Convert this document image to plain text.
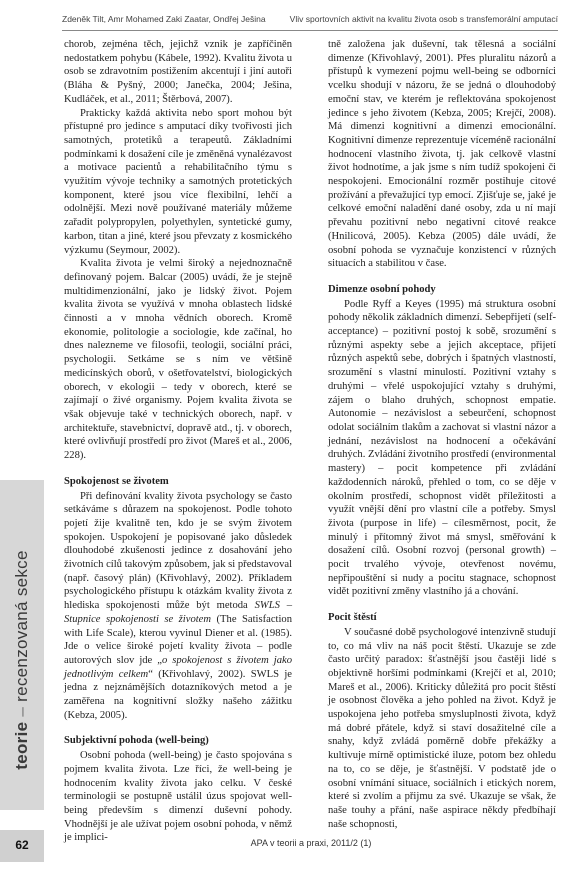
Zdeněk Tilt, Amr Mohamed Zaki Zaatar, Ondřej Ješina	Vliv sportovních aktivit na kvalitu života osob s transfemorální amputací
teorie – recenzovaná sekce
62

chorob, zejména těch, jejichž vznik je zapříčiněn nedostatkem pohybu (Kábele, 1992). Kvalitu života u osob se zdravotním postižením akcentují i jiní autoři (Bláha & Pyšný, 2000; Janečka, 2004; Ješina, Kudláček, et al., 2011; Štěrbová, 2007).

Prakticky každá aktivita nebo sport mohou být přístupné pro jedince s amputací díky tvořivosti jich samotných, protetiků a terapeutů. Základními podmínkami k dosažení cíle je změněná vynalézavost a motivace pacientů a rehabilitačního týmu s využitím vývoje techniky a samotných protetických komponent, které jsou více flexibilní, lehčí a odolnější. Mezi nově používané materiály můžeme zařadit polypropylen, polyethylen, syntetické gumy, karbon, titan a jiné, které jsou převzaty z kosmického výzkumu (Seymour, 2002).

Kvalita života je velmi široký a nejednoznačně definovaný pojem. Balcar (2005) uvádí, že je stejně multidimenzionální, jako je lidský život. Pojem kvalita života se využívá v mnoha oblastech lidské činnosti a v mnoha vědních oborech. Kromě ekonomie, politologie a sociologie, kde začínal, ho dnes nalezneme ve filosofii, teologii, sociální práci, psychologii. Setkáme se s ním ve většině medicínských oborů, v ošetřovatelství, biologických oborech, v ekologii – tedy v oborech, které se zajímají o živé organismy. Pojem kvalita života se však objevuje také v technických oborech, např. v architektuře, stavebnictví, dopravě atd., tj. v oborech, které ovlivňují prostředí pro život (Mareš et al., 2006, 228).

Spokojenost se životem

Při definování kvality života psychology se často setkáváme s důrazem na spokojenost. Podle tohoto pojetí žije kvalitně ten, kdo je se svým životem spokojen. Uspokojení je popisované jako důsledek dlouhodobé zkušenosti jedince z dosahování jeho životních cílů takovým způsobem, jak si představoval (např. časový plán) (Křivohlavý, 2002). Příkladem psychologického přístupu k otázkám kvality života z hlediska spokojenosti může být metoda SWLS – Stupnice spokojenosti se životem (The Satisfaction with Life Scale), kterou vyvinul Diener et al. (1985). Jde o velice široké pojetí kvality života – podle autorových slov jde „o spokojenost s životem jako jednotlivým celkem“ (Křivohlavý, 2002). SWLS je jedna z nejznámějších dotazníkových metod a je zaměřena na kognitivní složky našeho zážitku (Kebza, 2005).

Subjektivní pohoda (well-being)

Osobní pohoda (well-being) je často spojována s pojmem kvalita života. Lze říci, že well-being je hodnocením kvality života jako celku. V české terminologii se postupně ustálil úzus spojovat well-being především s dimenzí duševní pohody. Vhodnější je ale užívat pojem osobní pohoda, v němž je implici-

tně založena jak duševní, tak tělesná a sociální dimenze (Křivohlavý, 2001). Přes pluralitu názorů a přístupů k vymezení pojmu well-being se odborníci vcelku shodují v názoru, že se jedná o dlouhodobý emoční stav, ve kterém je reflektována spokojenost jedince s jeho životem (Kebza, 2005; Krejčí, 2008). Má dimenzi kognitivní a dimenzi emocionální. Kognitivní dimenze reprezentuje víceméně racionální hodnocení vlastního života, tj. jak celkově vlastní život hodnotíme, a jak jsme s ním tudíž spokojeni či nespokojeni. Emocionální rozměr postihuje citové prožívání a převažující typ emocí. Zjišťuje se, jaké je celkové emoční naladění dané osoby, zda u ní mají převahu pozitivní nebo negativní citové reakce (Hnilicová, 2005). Kebza (2005) dále uvádí, že osobní pohoda se vyznačuje konzistencí v různých situacích a stabilitou v čase.

Dimenze osobní pohody

Podle Ryff a Keyes (1995) má struktura osobní pohody několik základních dimenzí. Sebepřijetí (self-acceptance) – pozitivní postoj k sobě, srozumění s různými aspekty sebe a jejich akceptace, přijetí různých aspektů sebe, dobrých i špatných vlastností, srozumění s vlastní minulostí. Pozitivní vztahy s druhými – vřelé uspokojující vztahy s druhými, zájem o blaho druhých, schopnost empatie. Autonomie – nezávislost a sebeurčení, schopnost odolat sociálním tlakům a zachovat si vlastní názor a jednání, nezávislost na hodnocení a očekávání druhých. Zvládání životního prostředí (environmental mastery) – pocit kompetence při zvládání každodenních nároků, přehled o tom, co se děje v okolním prostředí, schopnost vidět příležitosti a využít vnější dění pro vlastní cíle a potřeby. Smysl života (purpose in life) – cílesměrnost, pocit, že minulý i přítomný život má smysl, směřování k dosažení cílů. Osobní rozvoj (personal growth) – pocit trvalého vývoje, otevřenost novému, nepřipouštění si nudy a pocitu stagnace, schopnost vidět pozitivní změny vlastního já a chování.

Pocit štěstí

V současné době psychologové intenzivně studují to, co má vliv na náš pocit štěstí. Ukazuje se zde často určitý paradox: šťastnější jsou častěji lidé s objektivně horšími podmínkami (Krejčí et al, 2010; Mareš et al., 2006). Kriticky důležitá pro pocit štěstí je osobnost člověka a jeho pohled na život. Když je uspokojena jeho potřeba smysluplnosti života, když má dobré přátele, když si staví dosažitelné cíle a snahy, když zvládá poměrně dobře překážky a kultivuje mírně optimistické iluze, potom bez ohledu na to, co se děje, je šťastnější. V podstatě jde o osobní vnímání situace, sociálních i etických norem, které si zvolím a přijmu za své. Ukazuje se však, že naše touhy a přání, naše aspirace někdy předbíhají naše schopnosti,

APA v teorii a praxi, 2011/2 (1)
